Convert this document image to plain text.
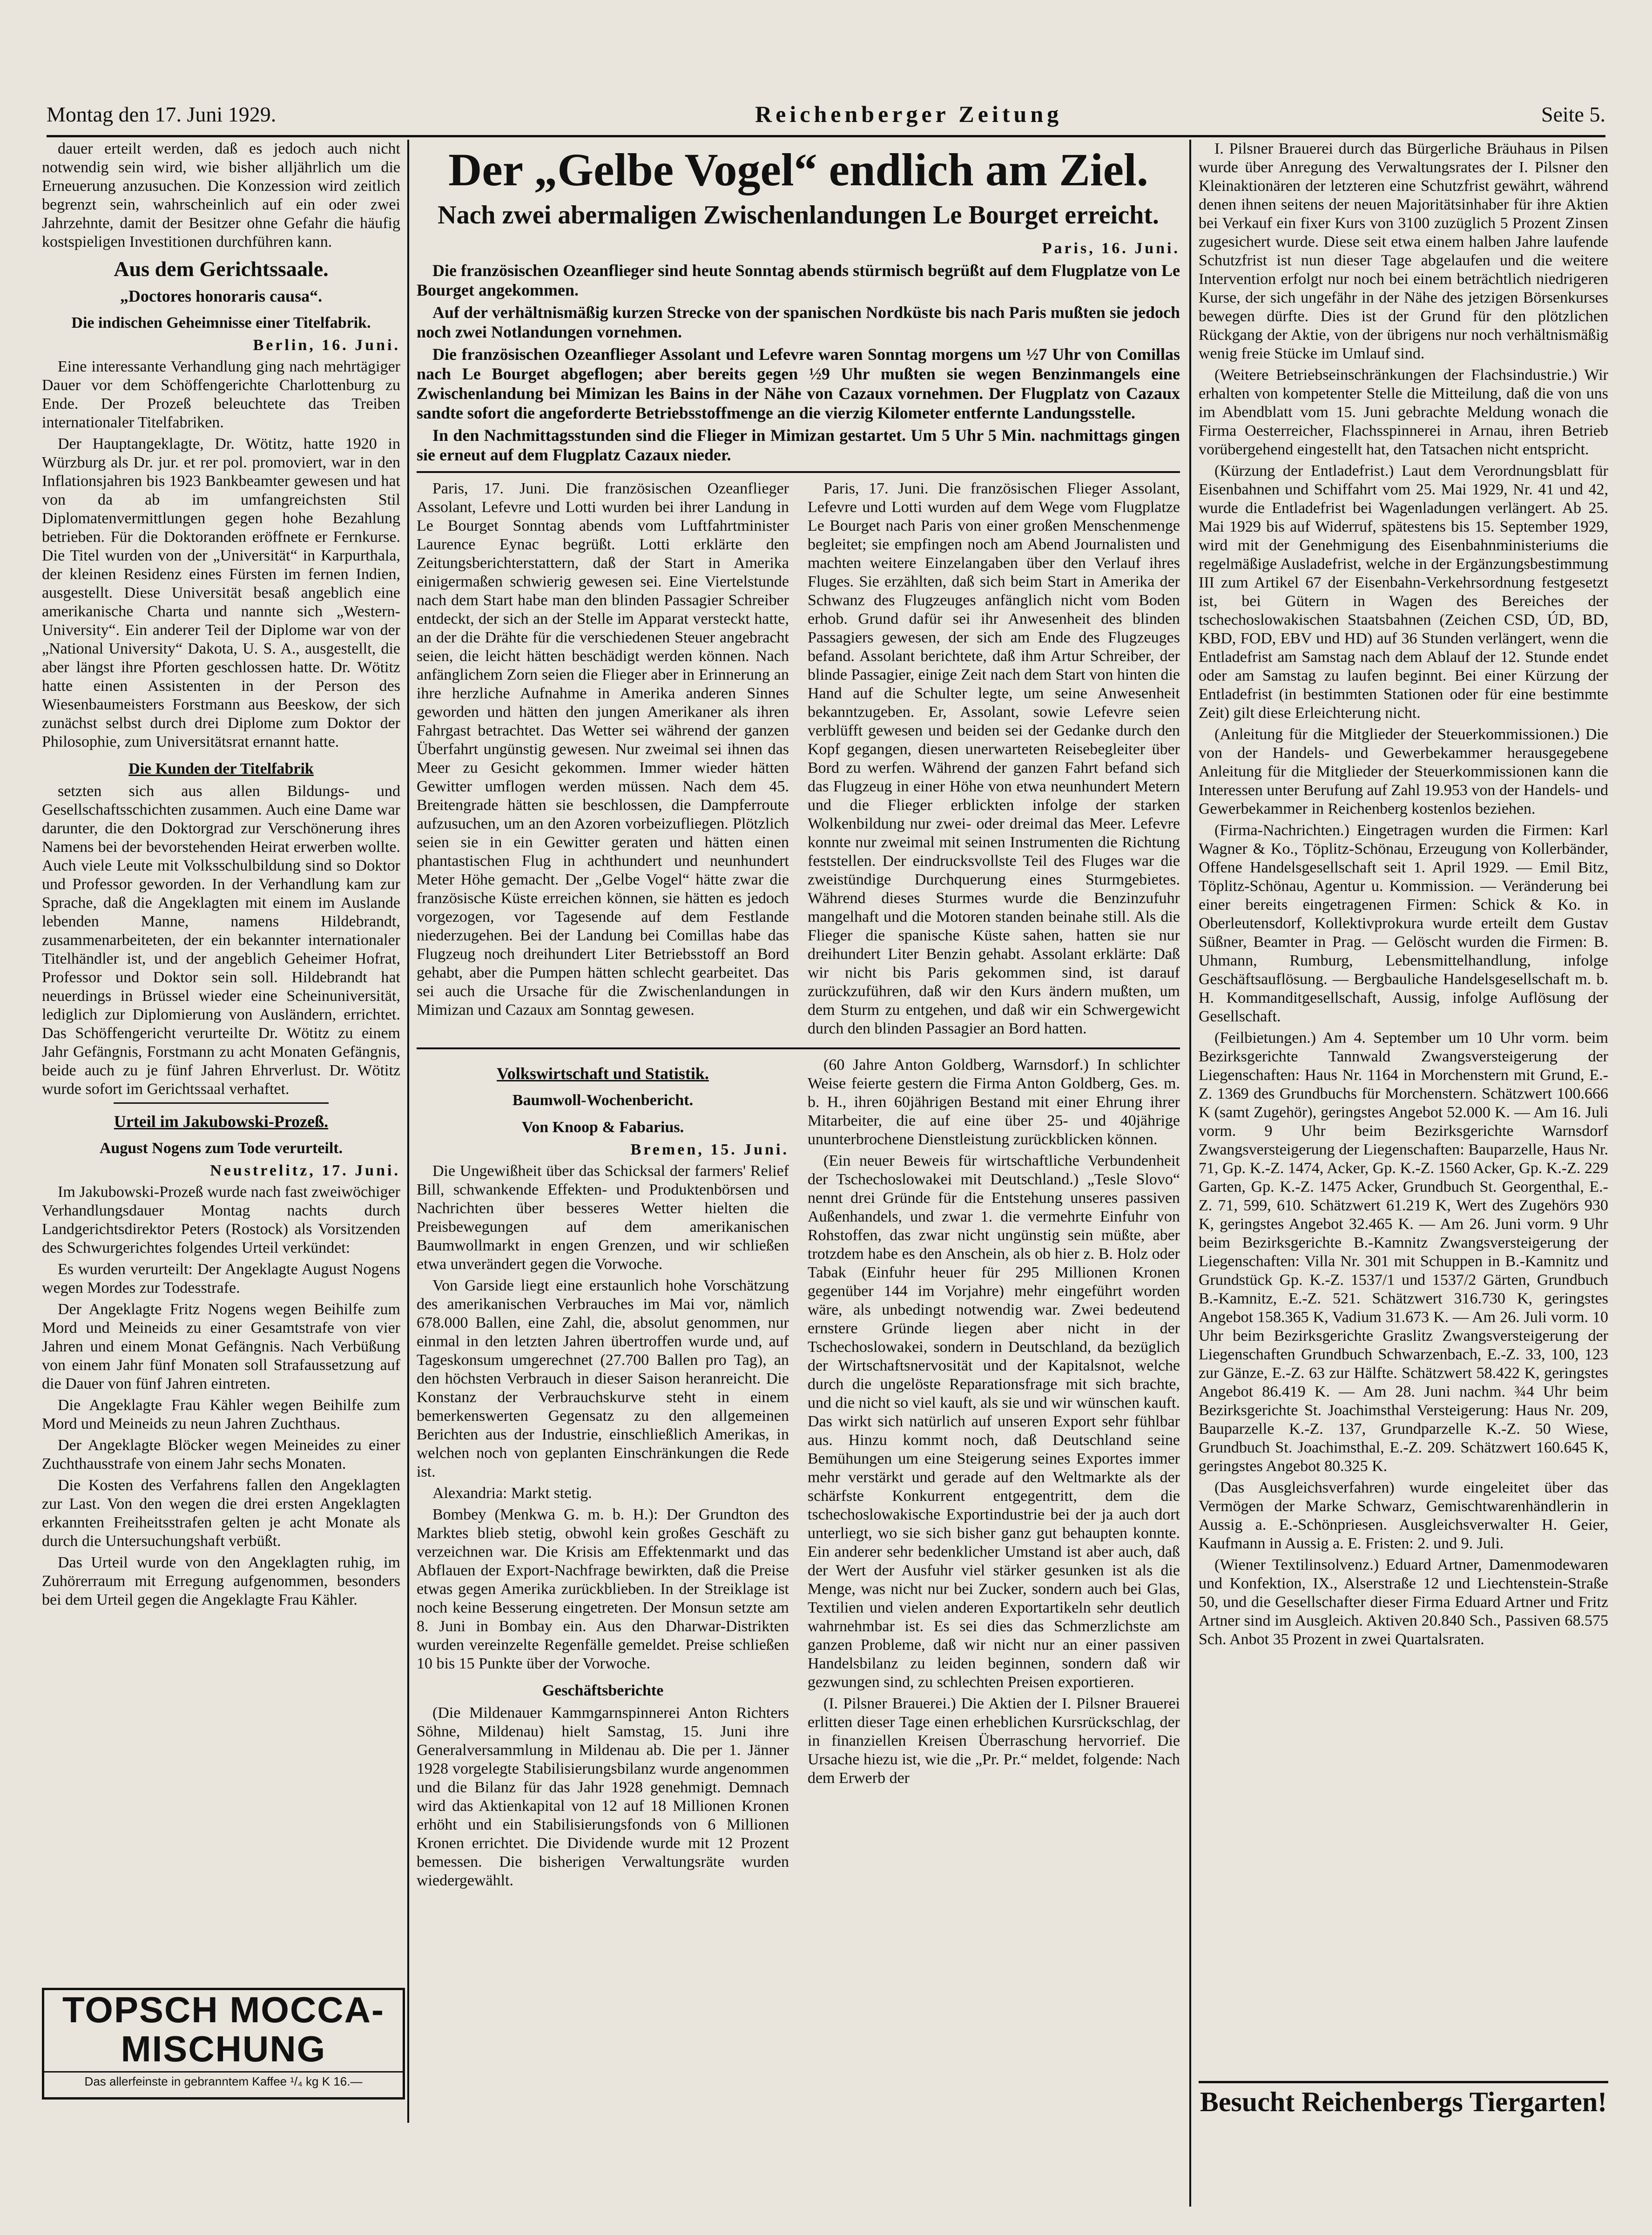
Montag den 17. Juni 1929.	Reichenberger Zeitung	Seite 5.

dauer erteilt werden, daß es jedoch auch nicht notwendig sein wird, wie bisher alljährlich um die Erneuerung anzusuchen. Die Konzession wird zeitlich begrenzt sein, wahrscheinlich auf ein oder zwei Jahrzehnte, damit der Besitzer ohne Gefahr die häufig kostspieligen Investitionen durchführen kann.

Aus dem Gerichtssaale.
„Doctores honoraris causa“.
Die indischen Geheimnisse einer Titelfabrik.

Berlin, 16. Juni.

Eine interessante Verhandlung ging nach mehrtägiger Dauer vor dem Schöffengerichte Charlottenburg zu Ende. Der Prozeß beleuchtete das Treiben internationaler Titelfabriken.

Der Hauptangeklagte, Dr. Wötitz, hatte 1920 in Würzburg als Dr. jur. et rer pol. promoviert, war in den Inflationsjahren bis 1923 Bankbeamter gewesen und hat von da ab im umfangreichsten Stil Diplomatenvermittlungen gegen hohe Bezahlung betrieben. Für die Doktoranden eröffnete er Fernkurse. Die Titel wurden von der „Universität“ in Karpurthala, der kleinen Residenz eines Fürsten im fernen Indien, ausgestellt. Diese Universität besaß angeblich eine amerikanische Charta und nannte sich „Western-University“. Ein anderer Teil der Diplome war von der „National University“ Dakota, U. S. A., ausgestellt, die aber längst ihre Pforten geschlossen hatte. Dr. Wötitz hatte einen Assistenten in der Person des Wiesenbaumeisters Forstmann aus Beeskow, der sich zunächst selbst durch drei Diplome zum Doktor der Philosophie, zum Universitätsrat ernannt hatte.

Die Kunden der Titelfabrik

setzten sich aus allen Bildungs- und Gesellschaftsschichten zusammen. Auch eine Dame war darunter, die den Doktorgrad zur Verschönerung ihres Namens bei der bevorstehenden Heirat erwerben wollte. Auch viele Leute mit Volksschulbildung sind so Doktor und Professor geworden. In der Verhandlung kam zur Sprache, daß die Angeklagten mit einem im Auslande lebenden Manne, namens Hildebrandt, zusammenarbeiteten, der ein bekannter internationaler Titelhändler ist, und der angeblich Geheimer Hofrat, Professor und Doktor sein soll. Hildebrandt hat neuerdings in Brüssel wieder eine Scheinuniversität, lediglich zur Diplomierung von Ausländern, errichtet. Das Schöffengericht verurteilte Dr. Wötitz zu einem Jahr Gefängnis, Forstmann zu acht Monaten Gefängnis, beide auch zu je fünf Jahren Ehrverlust. Dr. Wötitz wurde sofort im Gerichtssaal verhaftet.

Urteil im Jakubowski-Prozeß.
August Nogens zum Tode verurteilt.

Neustrelitz, 17. Juni.

Im Jakubowski-Prozeß wurde nach fast zweiwöchiger Verhandlungsdauer Montag nachts durch Landgerichtsdirektor Peters (Rostock) als Vorsitzenden des Schwurgerichtes folgendes Urteil verkündet:

Es wurden verurteilt: Der Angeklagte August Nogens wegen Mordes zur Todesstrafe.

Der Angeklagte Fritz Nogens wegen Beihilfe zum Mord und Meineids zu einer Gesamtstrafe von vier Jahren und einem Monat Gefängnis. Nach Verbüßung von einem Jahr fünf Monaten soll Strafaussetzung auf die Dauer von fünf Jahren eintreten.

Die Angeklagte Frau Kähler wegen Beihilfe zum Mord und Meineids zu neun Jahren Zuchthaus.

Der Angeklagte Blöcker wegen Meineides zu einer Zuchthausstrafe von einem Jahr sechs Monaten.

Die Kosten des Verfahrens fallen den Angeklagten zur Last. Von den wegen die drei ersten Angeklagten erkannten Freiheitsstrafen gelten je acht Monate als durch die Untersuchungshaft verbüßt.

Das Urteil wurde von den Angeklagten ruhig, im Zuhörerraum mit Erregung aufgenommen, besonders bei dem Urteil gegen die Angeklagte Frau Kähler.

TOPSCH MOCCA-
MISCHUNG
Das allerfeinste in gebranntem Kaffee ¹/₄ kg K 16.—
Der „Gelbe Vogel“ endlich am Ziel.
Nach zwei abermaligen Zwischenlandungen Le Bourget erreicht.

Paris, 16. Juni.

Die französischen Ozeanflieger sind heute Sonntag abends stürmisch begrüßt auf dem Flugplatze von Le Bourget angekommen.

Auf der verhältnismäßig kurzen Strecke von der spanischen Nordküste bis nach Paris mußten sie jedoch noch zwei Notlandungen vornehmen.

Die französischen Ozeanflieger Assolant und Lefevre waren Sonntag morgens um ½7 Uhr von Comillas nach Le Bourget abgeflogen; aber bereits gegen ½9 Uhr mußten sie wegen Benzinmangels eine Zwischenlandung bei Mimizan les Bains in der Nähe von Cazaux vornehmen. Der Flugplatz von Cazaux sandte sofort die angeforderte Betriebsstoffmenge an die vierzig Kilometer entfernte Landungsstelle.

In den Nachmittagsstunden sind die Flieger in Mimizan gestartet. Um 5 Uhr 5 Min. nachmittags gingen sie erneut auf dem Flugplatz Cazaux nieder.

Paris, 17. Juni. Die französischen Ozeanflieger Assolant, Lefevre und Lotti wurden bei ihrer Landung in Le Bourget Sonntag abends vom Luftfahrtminister Laurence Eynac begrüßt. Lotti erklärte den Zeitungsberichterstattern, daß der Start in Amerika einigermaßen schwierig gewesen sei. Eine Viertelstunde nach dem Start habe man den blinden Passagier Schreiber entdeckt, der sich an der Stelle im Apparat versteckt hatte, an der die Drähte für die verschiedenen Steuer angebracht seien, die leicht hätten beschädigt werden können. Nach anfänglichem Zorn seien die Flieger aber in Erinnerung an ihre herzliche Aufnahme in Amerika anderen Sinnes geworden und hätten den jungen Amerikaner als ihren Fahrgast betrachtet. Das Wetter sei während der ganzen Überfahrt ungünstig gewesen. Nur zweimal sei ihnen das Meer zu Gesicht gekommen. Immer wieder hätten Gewitter umflogen werden müssen. Nach dem 45. Breitengrade hätten sie beschlossen, die Dampferroute aufzusuchen, um an den Azoren vorbeizufliegen. Plötzlich seien sie in ein Gewitter geraten und hätten einen phantastischen Flug in achthundert und neunhundert Meter Höhe gemacht. Der „Gelbe Vogel“ hätte zwar die französische Küste erreichen können, sie hätten es jedoch vorgezogen, vor Tagesende auf dem Festlande niederzugehen. Bei der Landung bei Comillas habe das Flugzeug noch dreihundert Liter Betriebsstoff an Bord gehabt, aber die Pumpen hätten schlecht gearbeitet. Das sei auch die Ursache für die Zwischenlandungen in Mimizan und Cazaux am Sonntag gewesen.

Paris, 17. Juni. Die französischen Flieger Assolant, Lefevre und Lotti wurden auf dem Wege vom Flugplatze Le Bourget nach Paris von einer großen Menschenmenge begleitet; sie empfingen noch am Abend Journalisten und machten weitere Einzelangaben über den Verlauf ihres Fluges. Sie erzählten, daß sich beim Start in Amerika der Schwanz des Flugzeuges anfänglich nicht vom Boden erhob. Grund dafür sei ihr Anwesenheit des blinden Passagiers gewesen, der sich am Ende des Flugzeuges befand. Assolant berichtete, daß ihm Artur Schreiber, der blinde Passagier, einige Zeit nach dem Start von hinten die Hand auf die Schulter legte, um seine Anwesenheit bekanntzugeben. Er, Assolant, sowie Lefevre seien verblüfft gewesen und beiden sei der Gedanke durch den Kopf gegangen, diesen unerwarteten Reisebegleiter über Bord zu werfen. Während der ganzen Fahrt befand sich das Flugzeug in einer Höhe von etwa neunhundert Metern und die Flieger erblickten infolge der starken Wolkenbildung nur zwei- oder dreimal das Meer. Lefevre konnte nur zweimal mit seinen Instrumenten die Richtung feststellen. Der eindrucksvollste Teil des Fluges war die zweistündige Durchquerung eines Sturmgebietes. Während dieses Sturmes wurde die Benzinzufuhr mangelhaft und die Motoren standen beinahe still. Als die Flieger die spanische Küste sahen, hatten sie nur dreihundert Liter Benzin gehabt. Assolant erklärte: Daß wir nicht bis Paris gekommen sind, ist darauf zurückzuführen, daß wir den Kurs ändern mußten, um dem Sturm zu entgehen, und daß wir ein Schwergewicht durch den blinden Passagier an Bord hatten.

Volkswirtschaft und Statistik.
Baumwoll-Wochenbericht.
Von Knoop & Fabarius.

Bremen, 15. Juni.

Die Ungewißheit über das Schicksal der farmers' Relief Bill, schwankende Effekten- und Produktenbörsen und Nachrichten über besseres Wetter hielten die Preisbewegungen auf dem amerikanischen Baumwollmarkt in engen Grenzen, und wir schließen etwa unverändert gegen die Vorwoche.

Von Garside liegt eine erstaunlich hohe Vorschätzung des amerikanischen Verbrauches im Mai vor, nämlich 678.000 Ballen, eine Zahl, die, absolut genommen, nur einmal in den letzten Jahren übertroffen wurde und, auf Tageskonsum umgerechnet (27.700 Ballen pro Tag), an den höchsten Verbrauch in dieser Saison heranreicht. Die Konstanz der Verbrauchskurve steht in einem bemerkenswerten Gegensatz zu den allgemeinen Berichten aus der Industrie, einschließlich Amerikas, in welchen noch von geplanten Einschränkungen die Rede ist.

Alexandria: Markt stetig.

Bombey (Menkwa G. m. b. H.): Der Grundton des Marktes blieb stetig, obwohl kein großes Geschäft zu verzeichnen war. Die Krisis am Effektenmarkt und das Abflauen der Export-Nachfrage bewirkten, daß die Preise etwas gegen Amerika zurückblieben. In der Streiklage ist noch keine Besserung eingetreten. Der Monsun setzte am 8. Juni in Bombay ein. Aus den Dharwar-Distrikten wurden vereinzelte Regenfälle gemeldet. Preise schließen 10 bis 15 Punkte über der Vorwoche.

Geschäftsberichte

(Die Mildenauer Kammgarnspinnerei Anton Richters Söhne, Mildenau) hielt Samstag, 15. Juni ihre Generalversammlung in Mildenau ab. Die per 1. Jänner 1928 vorgelegte Stabilisierungsbilanz wurde angenommen und die Bilanz für das Jahr 1928 genehmigt. Demnach wird das Aktienkapital von 12 auf 18 Millionen Kronen erhöht und ein Stabilisierungsfonds von 6 Millionen Kronen errichtet. Die Dividende wurde mit 12 Prozent bemessen. Die bisherigen Verwaltungsräte wurden wiedergewählt.

(60 Jahre Anton Goldberg, Warnsdorf.) In schlichter Weise feierte gestern die Firma Anton Goldberg, Ges. m. b. H., ihren 60jährigen Bestand mit einer Ehrung ihrer Mitarbeiter, die auf eine über 25- und 40jährige ununterbrochene Dienstleistung zurückblicken können.

(Ein neuer Beweis für wirtschaftliche Verbundenheit der Tschechoslowakei mit Deutschland.) „Tesle Slovo“ nennt drei Gründe für die Entstehung unseres passiven Außenhandels, und zwar 1. die vermehrte Einfuhr von Rohstoffen, das zwar nicht ungünstig sein müßte, aber trotzdem habe es den Anschein, als ob hier z. B. Holz oder Tabak (Einfuhr heuer für 295 Millionen Kronen gegenüber 144 im Vorjahre) mehr eingeführt worden wäre, als unbedingt notwendig war. Zwei bedeutend ernstere Gründe liegen aber nicht in der Tschechoslowakei, sondern in Deutschland, da bezüglich der Wirtschaftsnervosität und der Kapitalsnot, welche durch die ungelöste Reparationsfrage mit sich brachte, und die nicht so viel kauft, als sie und wir wünschen kauft. Das wirkt sich natürlich auf unseren Export sehr fühlbar aus. Hinzu kommt noch, daß Deutschland seine Bemühungen um eine Steigerung seines Exportes immer mehr verstärkt und gerade auf den Weltmarkte als der schärfste Konkurrent entgegentritt, dem die tschechoslowakische Exportindustrie bei der ja auch dort unterliegt, wo sie sich bisher ganz gut behaupten konnte. Ein anderer sehr bedenklicher Umstand ist aber auch, daß der Wert der Ausfuhr viel stärker gesunken ist als die Menge, was nicht nur bei Zucker, sondern auch bei Glas, Textilien und vielen anderen Exportartikeln sehr deutlich wahrnehmbar ist. Es sei dies das Schmerzlichste am ganzen Probleme, daß wir nicht nur an einer passiven Handelsbilanz zu leiden beginnen, sondern daß wir gezwungen sind, zu schlechten Preisen exportieren.

(I. Pilsner Brauerei.) Die Aktien der I. Pilsner Brauerei erlitten dieser Tage einen erheblichen Kursrückschlag, der in finanziellen Kreisen Überraschung hervorrief. Die Ursache hiezu ist, wie die „Pr. Pr.“ meldet, folgende: Nach dem Erwerb der

I. Pilsner Brauerei durch das Bürgerliche Bräuhaus in Pilsen wurde über Anregung des Verwaltungsrates der I. Pilsner den Kleinaktionären der letzteren eine Schutzfrist gewährt, während denen ihnen seitens der neuen Majoritätsinhaber für ihre Aktien bei Verkauf ein fixer Kurs von 3100 zuzüglich 5 Prozent Zinsen zugesichert wurde. Diese seit etwa einem halben Jahre laufende Schutzfrist ist nun dieser Tage abgelaufen und die weitere Intervention erfolgt nur noch bei einem beträchtlich niedrigeren Kurse, der sich ungefähr in der Nähe des jetzigen Börsenkurses bewegen dürfte. Dies ist der Grund für den plötzlichen Rückgang der Aktie, von der übrigens nur noch verhältnismäßig wenig freie Stücke im Umlauf sind.

(Weitere Betriebseinschränkungen der Flachsindustrie.) Wir erhalten von kompetenter Stelle die Mitteilung, daß die von uns im Abendblatt vom 15. Juni gebrachte Meldung wonach die Firma Oesterreicher, Flachsspinnerei in Arnau, ihren Betrieb vorübergehend eingestellt hat, den Tatsachen nicht entspricht.

(Kürzung der Entladefrist.) Laut dem Verordnungsblatt für Eisenbahnen und Schiffahrt vom 25. Mai 1929, Nr. 41 und 42, wurde die Entladefrist bei Wagenladungen verlängert. Ab 25. Mai 1929 bis auf Widerruf, spätestens bis 15. September 1929, wird mit der Genehmigung des Eisenbahnministeriums die regelmäßige Ausladefrist, welche in der Ergänzungsbestimmung III zum Artikel 67 der Eisenbahn-Verkehrsordnung festgesetzt ist, bei Gütern in Wagen des Bereiches der tschechoslowakischen Staatsbahnen (Zeichen CSD, ÚD, BD, KBD, FOD, EBV und HD) auf 36 Stunden verlängert, wenn die Entladefrist am Samstag nach dem Ablauf der 12. Stunde endet oder am Samstag zu laufen beginnt. Bei einer Kürzung der Entladefrist (in bestimmten Stationen oder für eine bestimmte Zeit) gilt diese Erleichterung nicht.

(Anleitung für die Mitglieder der Steuerkommissionen.) Die von der Handels- und Gewerbekammer herausgegebene Anleitung für die Mitglieder der Steuerkommissionen kann die Interessen unter Berufung auf Zahl 19.953 von der Handels- und Gewerbekammer in Reichenberg kostenlos beziehen.

(Firma-Nachrichten.) Eingetragen wurden die Firmen: Karl Wagner & Ko., Töplitz-Schönau, Erzeugung von Kollerbänder, Offene Handelsgesellschaft seit 1. April 1929. — Emil Bitz, Töplitz-Schönau, Agentur u. Kommission. — Veränderung bei einer bereits eingetragenen Firmen: Schick & Ko. in Oberleutensdorf, Kollektivprokura wurde erteilt dem Gustav Süßner, Beamter in Prag. — Gelöscht wurden die Firmen: B. Uhmann, Rumburg, Lebensmittelhandlung, infolge Geschäftsauflösung. — Bergbauliche Handelsgesellschaft m. b. H. Kommanditgesellschaft, Aussig, infolge Auflösung der Gesellschaft.

(Feilbietungen.) Am 4. September um 10 Uhr vorm. beim Bezirksgerichte Tannwald Zwangsversteigerung der Liegenschaften: Haus Nr. 1164 in Morchenstern mit Grund, E.-Z. 1369 des Grundbuchs für Morchenstern. Schätzwert 100.666 K (samt Zugehör), geringstes Angebot 52.000 K. — Am 16. Juli vorm. 9 Uhr beim Bezirksgerichte Warnsdorf Zwangsversteigerung der Liegenschaften: Bauparzelle, Haus Nr. 71, Gp. K.-Z. 1474, Acker, Gp. K.-Z. 1560 Acker, Gp. K.-Z. 229 Garten, Gp. K.-Z. 1475 Acker, Grundbuch St. Georgenthal, E.-Z. 71, 599, 610. Schätzwert 61.219 K, Wert des Zugehörs 930 K, geringstes Angebot 32.465 K. — Am 26. Juni vorm. 9 Uhr beim Bezirksgerichte B.-Kamnitz Zwangsversteigerung der Liegenschaften: Villa Nr. 301 mit Schuppen in B.-Kamnitz und Grundstück Gp. K.-Z. 1537/1 und 1537/2 Gärten, Grundbuch B.-Kamnitz, E.-Z. 521. Schätzwert 316.730 K, geringstes Angebot 158.365 K, Vadium 31.673 K. — Am 26. Juli vorm. 10 Uhr beim Bezirksgerichte Graslitz Zwangsversteigerung der Liegenschaften Grundbuch Schwarzenbach, E.-Z. 33, 100, 123 zur Gänze, E.-Z. 63 zur Hälfte. Schätzwert 58.422 K, geringstes Angebot 86.419 K. — Am 28. Juni nachm. ¾4 Uhr beim Bezirksgerichte St. Joachimsthal Versteigerung: Haus Nr. 209, Bauparzelle K.-Z. 137, Grundparzelle K.-Z. 50 Wiese, Grundbuch St. Joachimsthal, E.-Z. 209. Schätzwert 160.645 K, geringstes Angebot 80.325 K.

(Das Ausgleichsverfahren) wurde eingeleitet über das Vermögen der Marke Schwarz, Gemischtwarenhändlerin in Aussig a. E.-Schönpriesen. Ausgleichsverwalter H. Geier, Kaufmann in Aussig a. E. Fristen: 2. und 9. Juli.

(Wiener Textilinsolvenz.) Eduard Artner, Damenmodewaren und Konfektion, IX., Alserstraße 12 und Liechtenstein-Straße 50, und die Gesellschafter dieser Firma Eduard Artner und Fritz Artner sind im Ausgleich. Aktiven 20.840 Sch., Passiven 68.575 Sch. Anbot 35 Prozent in zwei Quartalsraten.

Besucht Reichenbergs Tiergarten!
